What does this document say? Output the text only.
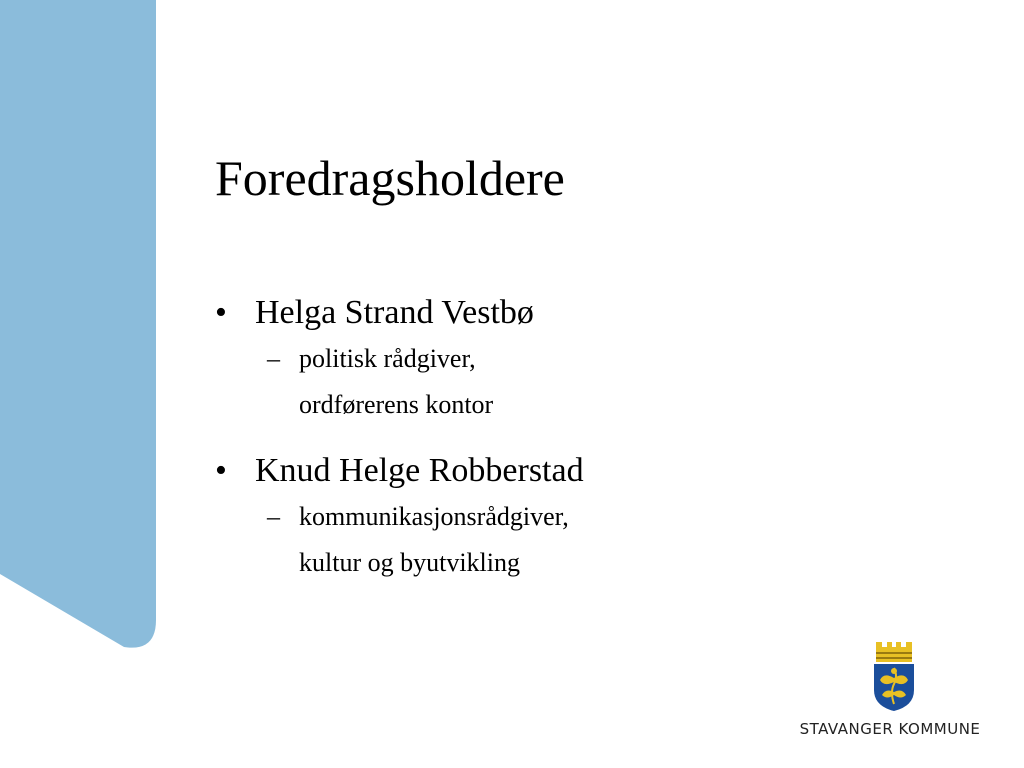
Foredragsholdere
• Helga Strand Vestbø
– politisk rådgiver,
ordførerens kontor
• Knud Helge Robberstad
– kommunikasjonsrådgiver,
kultur og byutvikling
STAVANGER KOMMUNE
